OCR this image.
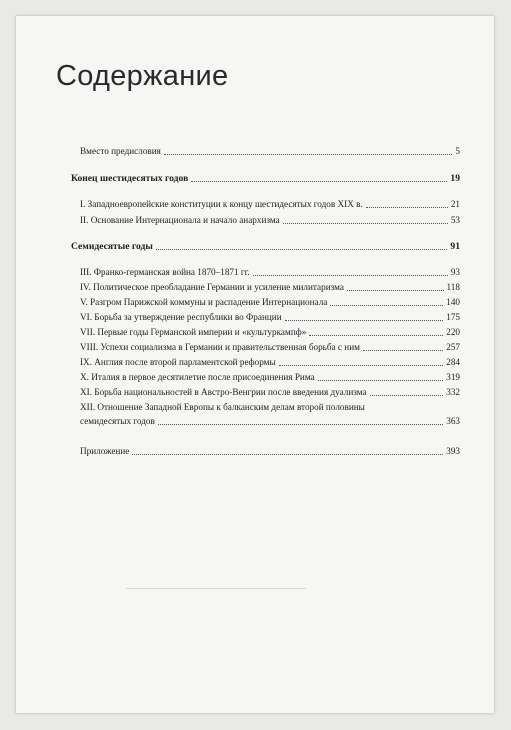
Содержание
Вместо предисловия	5
Конец шестидесятых годов	19
I. Западноевропейские конституции к концу шестидесятых годов XIX в.	21
II. Основание Интернационала и начало анархизма	53
Семидесятые годы	91
III. Франко-германская война 1870–1871 гг.	93
IV. Политическое преобладание Германии и усиление милитаризма	118
V. Разгром Парижской коммуны и распадение Интернационала	140
VI. Борьба за утверждение республики во Франции	175
VII. Первые годы Германской империи и «культуркампф»	220
VIII. Успехи социализма в Германии и правительственная борьба с ним	257
IX. Англия после второй парламентской реформы	284
X. Италия в первое десятилетие после присоединения Рима	319
XI. Борьба национальностей в Австро-Венгрии после введения дуализма	332
XII. Отношение Западной Европы к балканским делам второй половины
семидесятых годов	363
Приложение	393
